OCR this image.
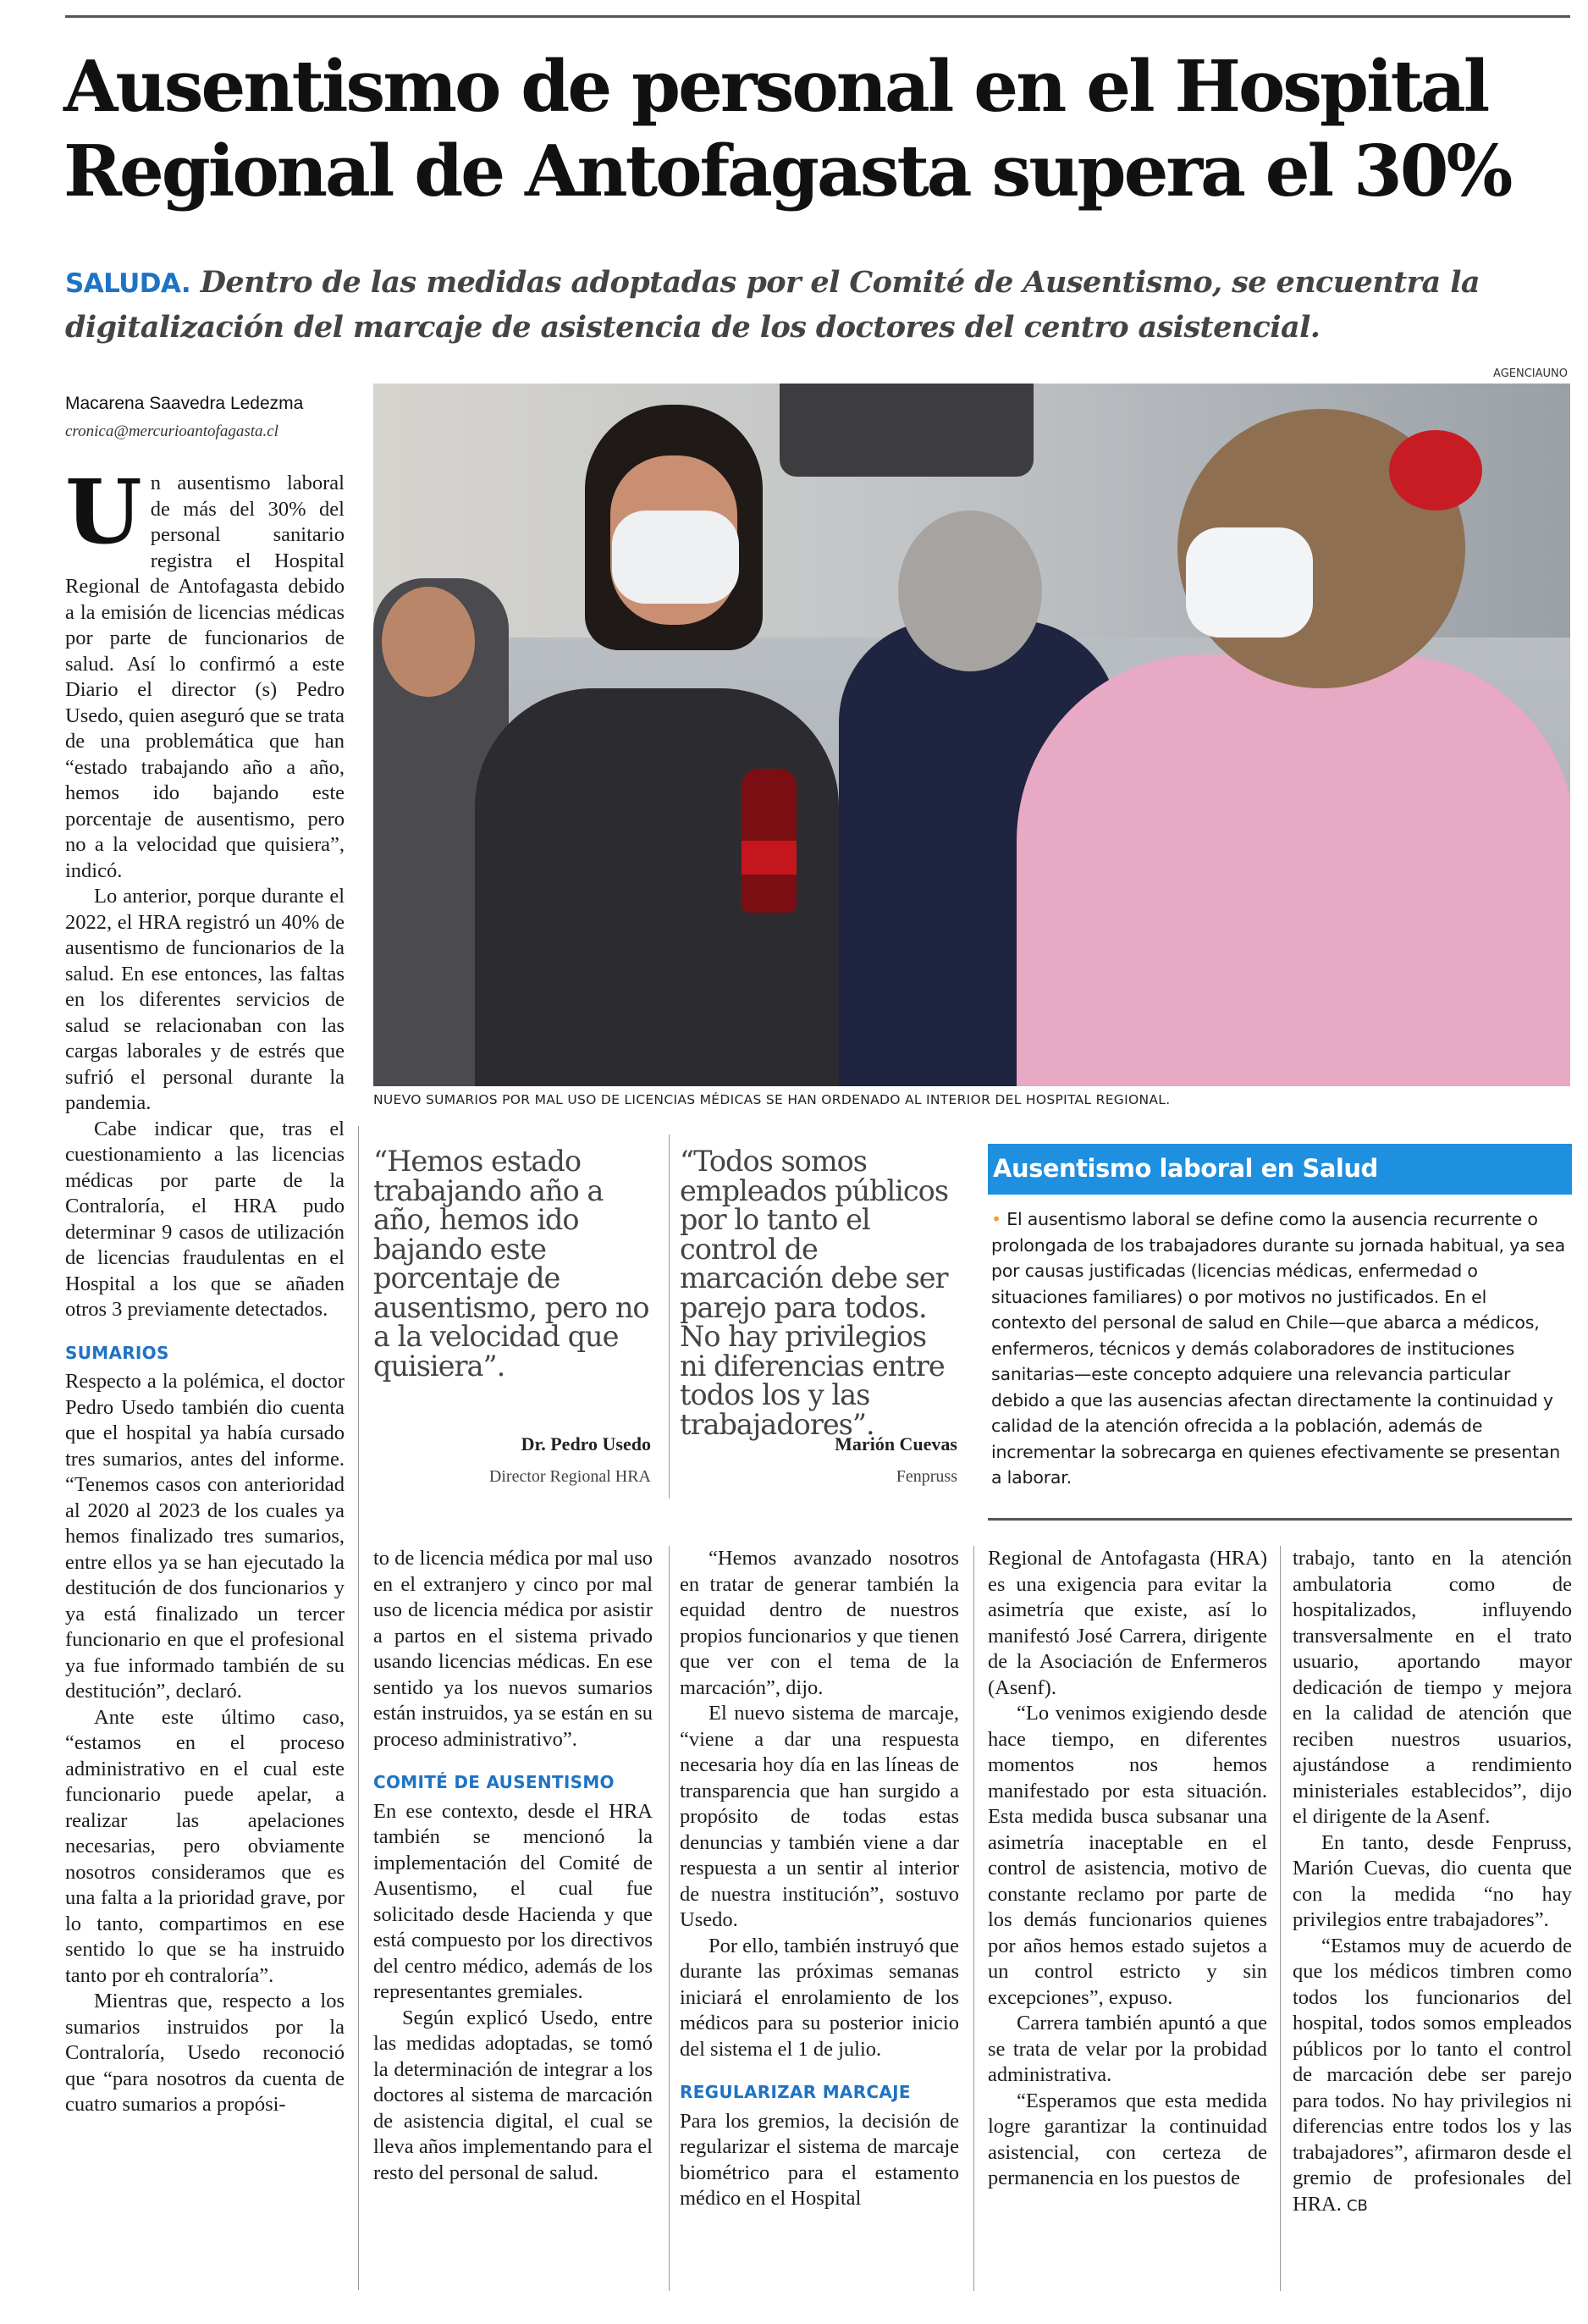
Ausentismo de personal en el Hospital Regional de Antofagasta supera el 30%
SALUDA. Dentro de las medidas adoptadas por el Comité de Ausentismo, se encuentra la digitalización del marcaje de asistencia de los doctores del centro asistencial.
AGENCIAUNO
Macarena Saavedra Ledezma
cronica@mercurioantofagasta.cl
NUEVO SUMARIOS POR MAL USO DE LICENCIAS MÉDICAS SE HAN ORDENADO AL INTERIOR DEL HOSPITAL REGIONAL.

Un ausentismo laboral de más del 30% del personal sanitario registra el Hospital Regional de Antofagasta debido a la emisión de licencias médicas por parte de funcionarios de salud. Así lo confirmó a este Diario el director (s) Pedro Usedo, quien aseguró que se trata de una problemática que han “estado trabajando año a año, hemos ido bajando este porcentaje de ausentismo, pero no a la velocidad que quisiera”, indicó.

Lo anterior, porque durante el 2022, el HRA registró un 40% de ausentismo de funcionarios de la salud. En ese entonces, las faltas en los diferentes servicios de salud se relacionaban con las cargas laborales y de estrés que sufrió el personal durante la pandemia.

Cabe indicar que, tras el cuestionamiento a las licencias médicas por parte de la Contraloría, el HRA pudo determinar 9 casos de utilización de licencias fraudulentas en el Hospital a los que se añaden otros 3 previamente detectados.

SUMARIOS

Respecto a la polémica, el doctor Pedro Usedo también dio cuenta que el hospital ya había cursado tres sumarios, antes del informe. “Tenemos casos con anterioridad al 2020 al 2023 de los cuales ya hemos finalizado tres sumarios, entre ellos ya se han ejecutado la destitución de dos funcionarios y ya está finalizado un tercer funcionario en que el profesional ya fue informado también de su destitución”, declaró.

Ante este último caso, “estamos en el proceso administrativo en el cual este funcionario puede apelar, a realizar las apelaciones necesarias, pero obviamente nosotros consideramos que es una falta a la prioridad grave, por lo tanto, compartimos en ese sentido lo que se ha instruido tanto por eh contraloría”.

Mientras que, respecto a los sumarios instruidos por la Contraloría, Usedo reconoció que “para nosotros da cuenta de cuatro sumarios a propósi-

“Hemos estado trabajando año a año, hemos ido bajando este porcentaje de ausentismo, pero no a la velocidad que quisiera”.
Dr. Pedro Usedo
Director Regional HRA
“Todos somos empleados públicos por lo tanto el control de marcación debe ser parejo para todos. No hay privilegios ni diferencias entre todos los y las trabajadores”.
Marión Cuevas
Fenpruss
Ausentismo laboral en Salud
• El ausentismo laboral se define como la ausencia recurrente o prolongada de los trabajadores durante su jornada habitual, ya sea por causas justificadas (licencias médicas, enfermedad o situaciones familiares) o por motivos no justificados. En el contexto del personal de salud en Chile—que abarca a médicos, enfermeros, técnicos y demás colaboradores de instituciones sanitarias—este concepto adquiere una relevancia particular debido a que las ausencias afectan directamente la continuidad y calidad de la atención ofrecida a la población, además de incrementar la sobrecarga en quienes efectivamente se presentan a laborar.

to de licencia médica por mal uso en el extranjero y cinco por mal uso de licencia médica por asistir a partos en el sistema privado usando licencias médicas. En ese sentido ya los nuevos sumarios están instruidos, ya se están en su proceso administrativo”.

COMITÉ DE AUSENTISMO

En ese contexto, desde el HRA también se mencionó la implementación del Comité de Ausentismo, el cual fue solicitado desde Hacienda y que está compuesto por los directivos del centro médico, además de los representantes gremiales.

Según explicó Usedo, entre las medidas adoptadas, se tomó la determinación de integrar a los doctores al sistema de marcación de asistencia digital, el cual se lleva años implementando para el resto del personal de salud.

“Hemos avanzado nosotros en tratar de generar también la equidad dentro de nuestros propios funcionarios y que tienen que ver con el tema de la marcación”, dijo.

El nuevo sistema de marcaje, “viene a dar una respuesta necesaria hoy día en las líneas de transparencia que han surgido a propósito de todas estas denuncias y también viene a dar respuesta a un sentir al interior de nuestra institución”, sostuvo Usedo.

Por ello, también instruyó que durante las próximas semanas iniciará el enrolamiento de los médicos para su posterior inicio del sistema el 1 de julio.

REGULARIZAR MARCAJE

Para los gremios, la decisión de regularizar el sistema de marcaje biométrico para el estamento médico en el Hospital

Regional de Antofagasta (HRA) es una exigencia para evitar la asimetría que existe, así lo manifestó José Carrera, dirigente de la Asociación de Enfermeros (Asenf).

“Lo venimos exigiendo desde hace tiempo, en diferentes momentos nos hemos manifestado por esta situación. Esta medida busca subsanar una asimetría inaceptable en el control de asistencia, motivo de constante reclamo por parte de los demás funcionarios quienes por años hemos estado sujetos a un control estricto y sin excepciones”, expuso.

Carrera también apuntó a que se trata de velar por la probidad administrativa.

“Esperamos que esta medida logre garantizar la continuidad asistencial, con certeza de permanencia en los puestos de

trabajo, tanto en la atención ambulatoria como de hospitalizados, influyendo transversalmente en el trato usuario, aportando mayor dedicación de tiempo y mejora en la calidad de atención que reciben nuestros usuarios, ajustándose a rendimiento ministeriales establecidos”, dijo el dirigente de la Asenf.

En tanto, desde Fenpruss, Marión Cuevas, dio cuenta que con la medida “no hay privilegios entre trabajadores”.

“Estamos muy de acuerdo de que los médicos timbren como todos los funcionarios del hospital, todos somos empleados públicos por lo tanto el control de marcación debe ser parejo para todos. No hay privilegios ni diferencias entre todos los y las trabajadores”, afirmaron desde el gremio de profesionales del HRA. CB
